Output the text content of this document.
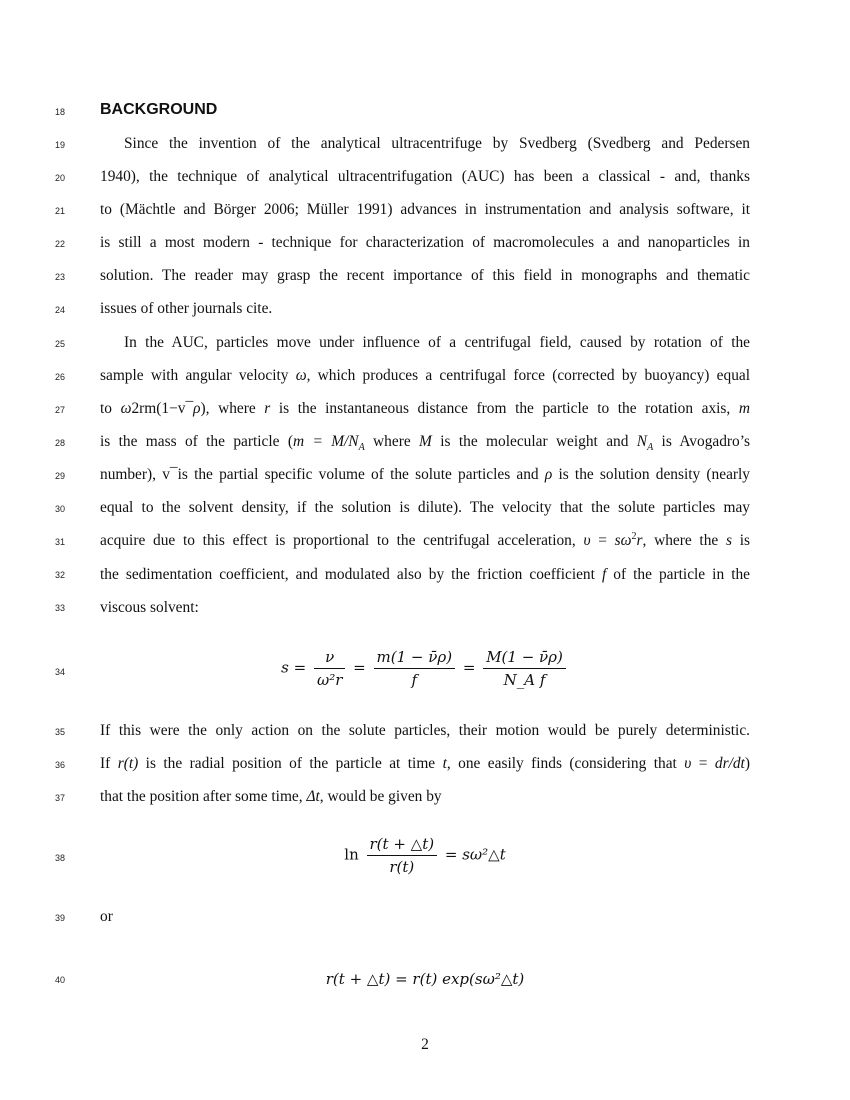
18
19
20
21
22
23
24
25
26
27
28
29
30
31
32
33
34
35
36
37
38
39
40
BACKGROUND
Since the invention of the analytical ultracentrifuge by Svedberg (Svedberg and Pedersen
1940), the technique of analytical ultracentrifugation (AUC) has been a classical - and, thanks
to (Mächtle and Börger 2006; Müller 1991) advances in instrumentation and analysis software, it
is still a most modern - technique for characterization of macromolecules a and nanoparticles in
solution. The reader may grasp the recent importance of this field in monographs and thematic
issues of other journals cite.
In the AUC, particles move under influence of a centrifugal field, caused by rotation of the
sample with angular velocity ω, which produces a centrifugal force (corrected by buoyancy) equal
to ω2rm(1−v¯ρ), where r is the instantaneous distance from the particle to the rotation axis, m
is the mass of the particle ($m = M/N_A$ where M is the molecular weight and $N_A$ is Avogadro’s
number), v¯is the partial specific volume of the solute particles and ρ is the solution density (nearly
equal to the solvent density, if the solution is dilute). The velocity that the solute particles may
acquire due to this effect is proportional to the centrifugal acceleration, $\upsilon = s\omega^2r$, where the s is
the sedimentation coefficient, and modulated also by the friction coefficient f of the particle in the
viscous solvent:
$s = \frac{\nu}{\text{ω²r}} = \frac{m(1 - \nū\rho)}{f} = \frac{M(1 - \nū\rho)}{\text{N\_A f}}$
If this were the only action on the solute particles, their motion would be purely deterministic.
If r(t) is the radial position of the particle at time t, one easily finds (considering that υ = dr/dt)
that the position after some time, Δt, would be given by
$\ln \frac{r(t + \triangle t)}{r(t)}$ = sω²△t
or
r(t + △t) = r(t) exp(sω²△t)
2
